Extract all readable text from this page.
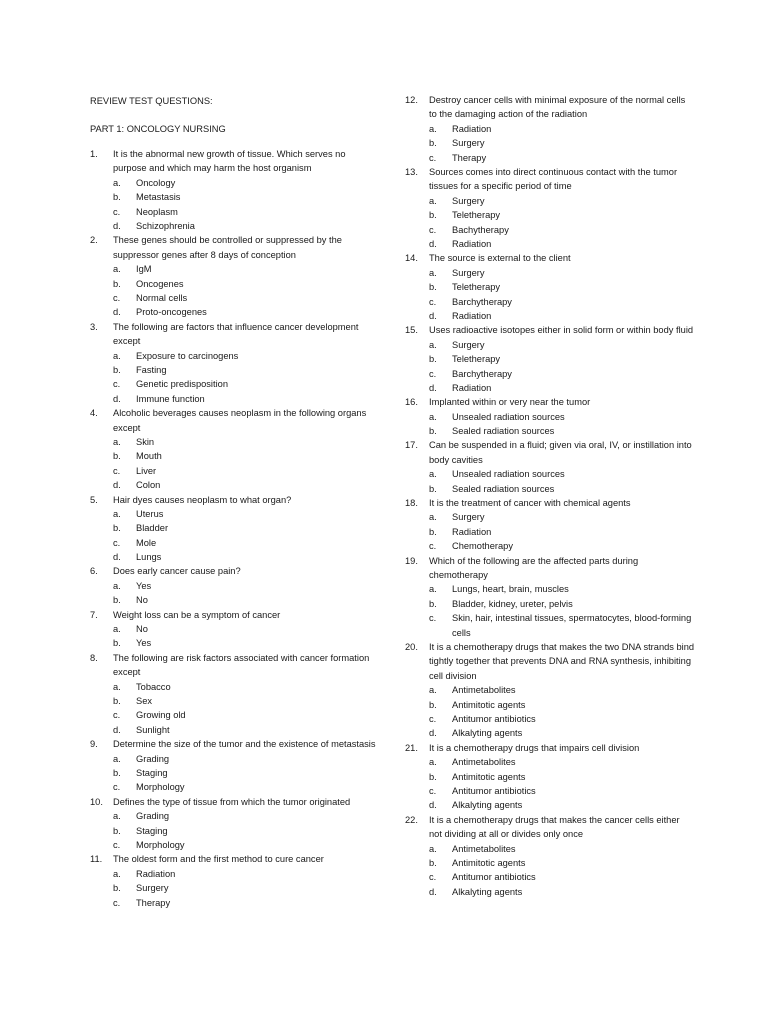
REVIEW TEST QUESTIONS:
PART 1: ONCOLOGY NURSING
1. It is the abnormal new growth of tissue. Which serves no purpose and which may harm the host organism
a. Oncology
b. Metastasis
c. Neoplasm
d. Schizophrenia
2. These genes should be controlled or suppressed by the suppressor genes after 8 days of conception
a. IgM
b. Oncogenes
c. Normal cells
d. Proto-oncogenes
3. The following are factors that influence cancer development except
a. Exposure to carcinogens
b. Fasting
c. Genetic predisposition
d. Immune function
4. Alcoholic beverages causes neoplasm in the following organs except
a. Skin
b. Mouth
c. Liver
d. Colon
5. Hair dyes causes neoplasm to what organ?
a. Uterus
b. Bladder
c. Mole
d. Lungs
6. Does early cancer cause pain?
a. Yes
b. No
7. Weight loss can be a symptom of cancer
a. No
b. Yes
8. The following are risk factors associated with cancer formation except
a. Tobacco
b. Sex
c. Growing old
d. Sunlight
9. Determine the size of the tumor and the existence of metastasis
a. Grading
b. Staging
c. Morphology
10. Defines the type of tissue from which the tumor originated
a. Grading
b. Staging
c. Morphology
11. The oldest form and the first method to cure cancer
a. Radiation
b. Surgery
c. Therapy
12. Destroy cancer cells with minimal exposure of the normal cells to the damaging action of the radiation
a. Radiation
b. Surgery
c. Therapy
13. Sources comes into direct continuous contact with the tumor tissues for a specific period of time
a. Surgery
b. Teletherapy
c. Bachytherapy
d. Radiation
14. The source is external to the client
a. Surgery
b. Teletherapy
c. Barchytherapy
d. Radiation
15. Uses radioactive isotopes either in solid form or within body fluid
a. Surgery
b. Teletherapy
c. Barchytherapy
d. Radiation
16. Implanted within or very near the tumor
a. Unsealed radiation sources
b. Sealed radiation sources
17. Can be suspended in a fluid; given via oral, IV, or instillation into body cavities
a. Unsealed radiation sources
b. Sealed radiation sources
18. It is the treatment of cancer with chemical agents
a. Surgery
b. Radiation
c. Chemotherapy
19. Which of the following are the affected parts during chemotherapy
a. Lungs, heart, brain, muscles
b. Bladder, kidney, ureter, pelvis
c. Skin, hair, intestinal tissues, spermatocytes, blood-forming cells
20. It is a chemotherapy drugs that makes the two DNA strands bind tightly together that prevents DNA and RNA synthesis, inhibiting cell division
a. Antimetabolites
b. Antimitotic agents
c. Antitumor antibiotics
d. Alkalyting agents
21. It is a chemotherapy drugs that impairs cell division
a. Antimetabolites
b. Antimitotic agents
c. Antitumor antibiotics
d. Alkalyting agents
22. It is a chemotherapy drugs that makes the cancer cells either not dividing at all or divides only once
a. Antimetabolites
b. Antimitotic agents
c. Antitumor antibiotics
d. Alkalyting agents
